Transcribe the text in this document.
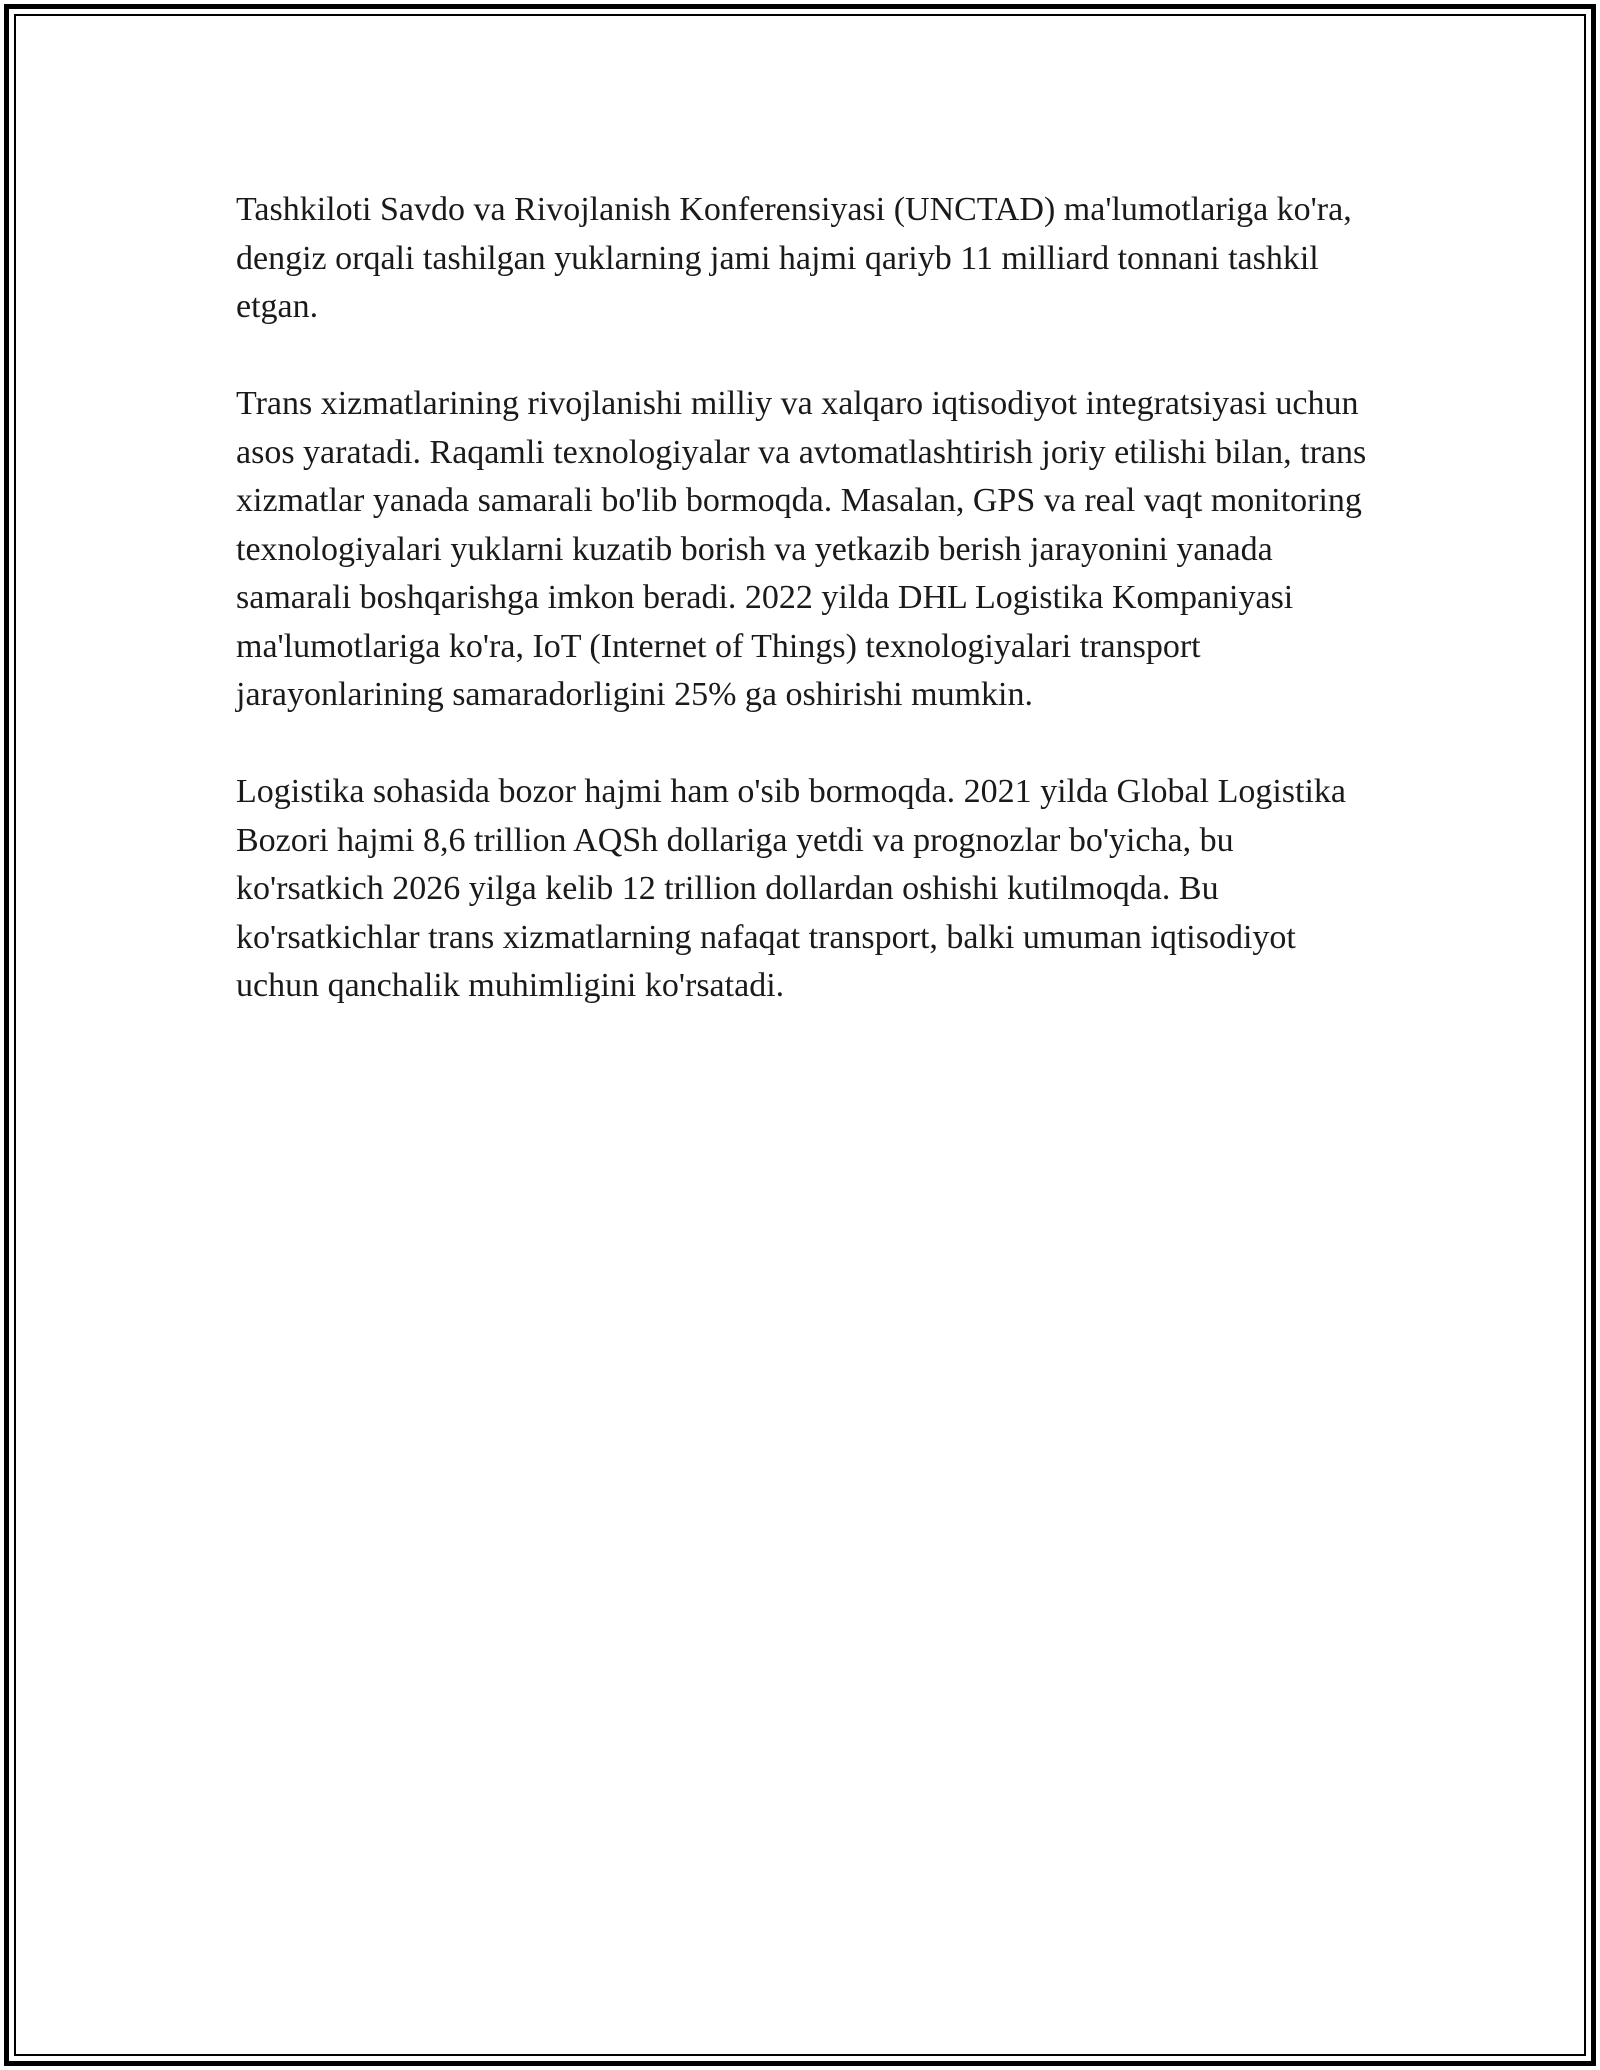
Tashkiloti Savdo va Rivojlanish Konferensiyasi (UNCTAD) ma'lumotlariga ko'ra, dengiz orqali tashilgan yuklarning jami hajmi qariyb 11 milliard tonnani tashkil etgan.

Trans xizmatlarining rivojlanishi milliy va xalqaro iqtisodiyot integratsiyasi uchun asos yaratadi. Raqamli texnologiyalar va avtomatlashtirish joriy etilishi bilan, trans xizmatlar yanada samarali bo'lib bormoqda. Masalan, GPS va real vaqt monitoring texnologiyalari yuklarni kuzatib borish va yetkazib berish jarayonini yanada samarali boshqarishga imkon beradi. 2022 yilda DHL Logistika Kompaniyasi ma'lumotlariga ko'ra, IoT (Internet of Things) texnologiyalari transport jarayonlarining samaradorligini 25% ga oshirishi mumkin.

Logistika sohasida bozor hajmi ham o'sib bormoqda. 2021 yilda Global Logistika Bozori hajmi 8,6 trillion AQSh dollariga yetdi va prognozlar bo'yicha, bu ko'rsatkich 2026 yilga kelib 12 trillion dollardan oshishi kutilmoqda. Bu ko'rsatkichlar trans xizmatlarning nafaqat transport, balki umuman iqtisodiyot uchun qanchalik muhimligini ko'rsatadi.
